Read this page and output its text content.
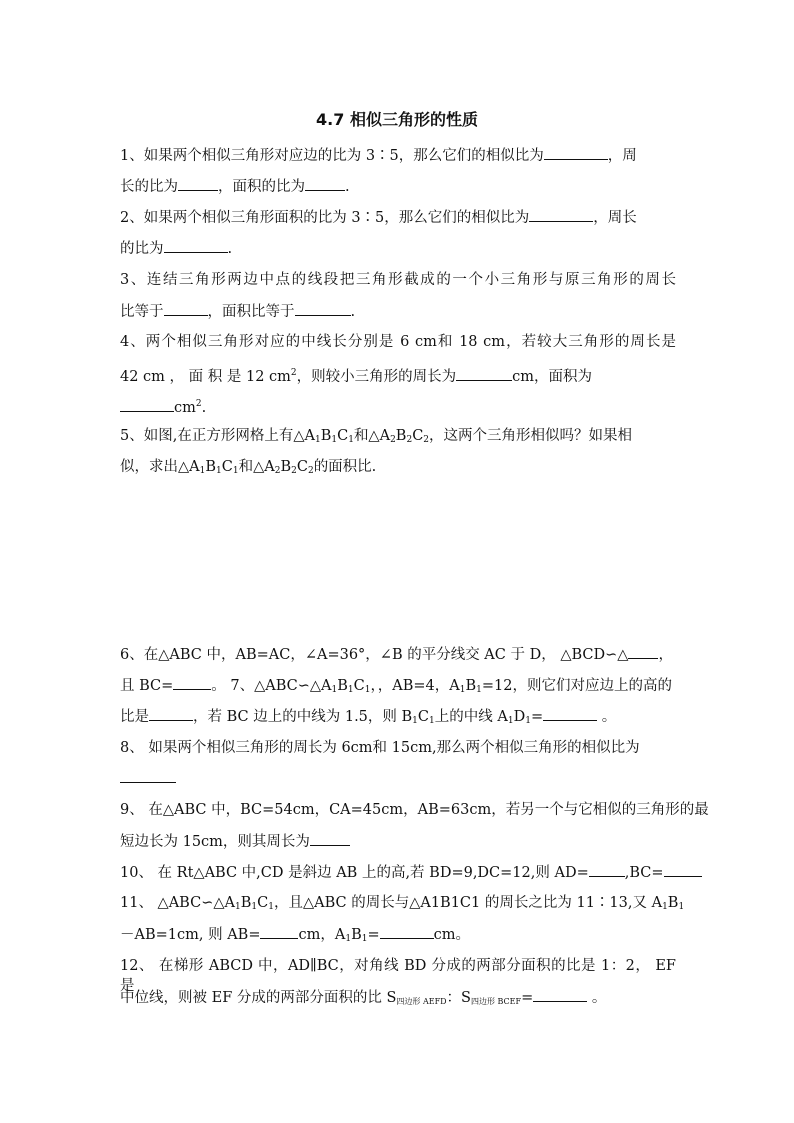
4.7 相似三角形的性质
1、如果两个相似三角形对应边的比为 3∶5，那么它们的相似比为	，周
长的比为	，面积的比为	.
2、如果两个相似三角形面积的比为 3∶5，那么它们的相似比为	，周长
的比为	.
3、连结三角形两边中点的线段把三角形截成的一个小三角形与原三角形的周长
比等于	，面积比等于	.
4、两个相似三角形对应的中线长分别是 6 cm和 18 cm，若较大三角形的周长是
42 cm ， 面 积 是 12 $cm^2$，则较小三角形的周长为	cm，面积为
$cm^2$.
5、如图,在正方形网格上有$\triangle A_1B_1C_1$和$\triangle A_2B_2C_2$，这两个三角形相似吗？如果相
似，求出$\triangle A_1B_1C_1$和$\triangle A_2B_2C_2$的面积比.
6、在△ABC 中，AB=AC，∠A=36°，∠B 的平分线交 AC 于 D， △BCD∽△ ，
且 BC=	。 7、$\triangle ABC∽\triangle A_1B_1C_1$，，AB=4，$A_1B_1=12$，则它们对应边上的高的
比是	，若 BC 边上的中线为 1.5，则 $B_1C_1$上的中线 $A_1D_1=$	。
8、 如果两个相似三角形的周长为 6cm和 15cm,那么两个相似三角形的相似比为
9、 在△ABC 中，BC=54cm，CA=45cm，AB=63cm，若另一个与它相似的三角形的最
短边长为 15cm，则其周长为
10、 在 Rt△ABC 中,CD 是斜边 AB 上的高,若 BD=9,DC=12,则 AD= ,BC=
11、 $\triangle ABC∽\triangle A_1B_1C_1$，且△ABC 的周长与△A1B1C1 的周长之比为 11∶13,又 $A_1B_1$
－AB=1cm, 则 AB=	cm，$A_1B_1=$	cm。
12、 在梯形 ABCD 中，AD∥BC，对角线 BD 分成的两部分面积的比是 1：2， EF 是
中位线，则被 EF 分成的两部分面积的比 $S_{四边形 AEFD}$：$S_{四边形 BCEF}=$	。
